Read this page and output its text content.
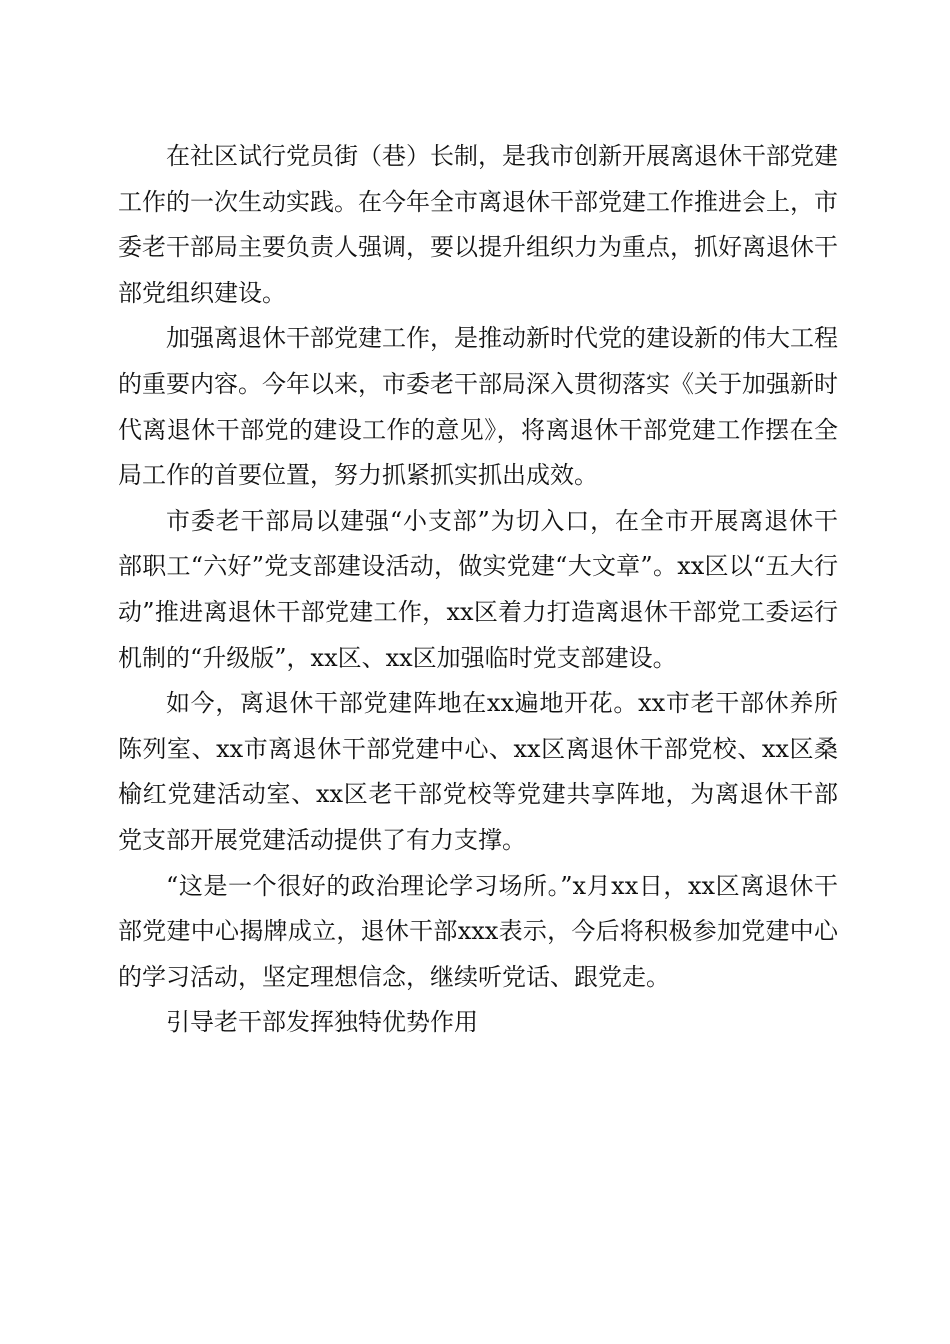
在社区试行党员街（巷）长制，是我市创新开展离退休干部党建工作的一次生动实践。在今年全市离退休干部党建工作推进会上，市委老干部局主要负责人强调，要以提升组织力为重点，抓好离退休干部党组织建设。

加强离退休干部党建工作，是推动新时代党的建设新的伟大工程的重要内容。今年以来，市委老干部局深入贯彻落实《关于加强新时代离退休干部党的建设工作的意见》，将离退休干部党建工作摆在全局工作的首要位置，努力抓紧抓实抓出成效。

市委老干部局以建强“小支部”为切入口，在全市开展离退休干部职工“六好”党支部建设活动，做实党建“大文章”。xx区以“五大行动”推进离退休干部党建工作，xx区着力打造离退休干部党工委运行机制的“升级版”，xx区、xx区加强临时党支部建设。

如今，离退休干部党建阵地在xx遍地开花。xx市老干部休养所陈列室、xx市离退休干部党建中心、xx区离退休干部党校、xx区桑榆红党建活动室、xx区老干部党校等党建共享阵地，为离退休干部党支部开展党建活动提供了有力支撑。

“这是一个很好的政治理论学习场所。”x月xx日，xx区离退休干部党建中心揭牌成立，退休干部xxx表示，今后将积极参加党建中心的学习活动，坚定理想信念，继续听党话、跟党走。

引导老干部发挥独特优势作用
